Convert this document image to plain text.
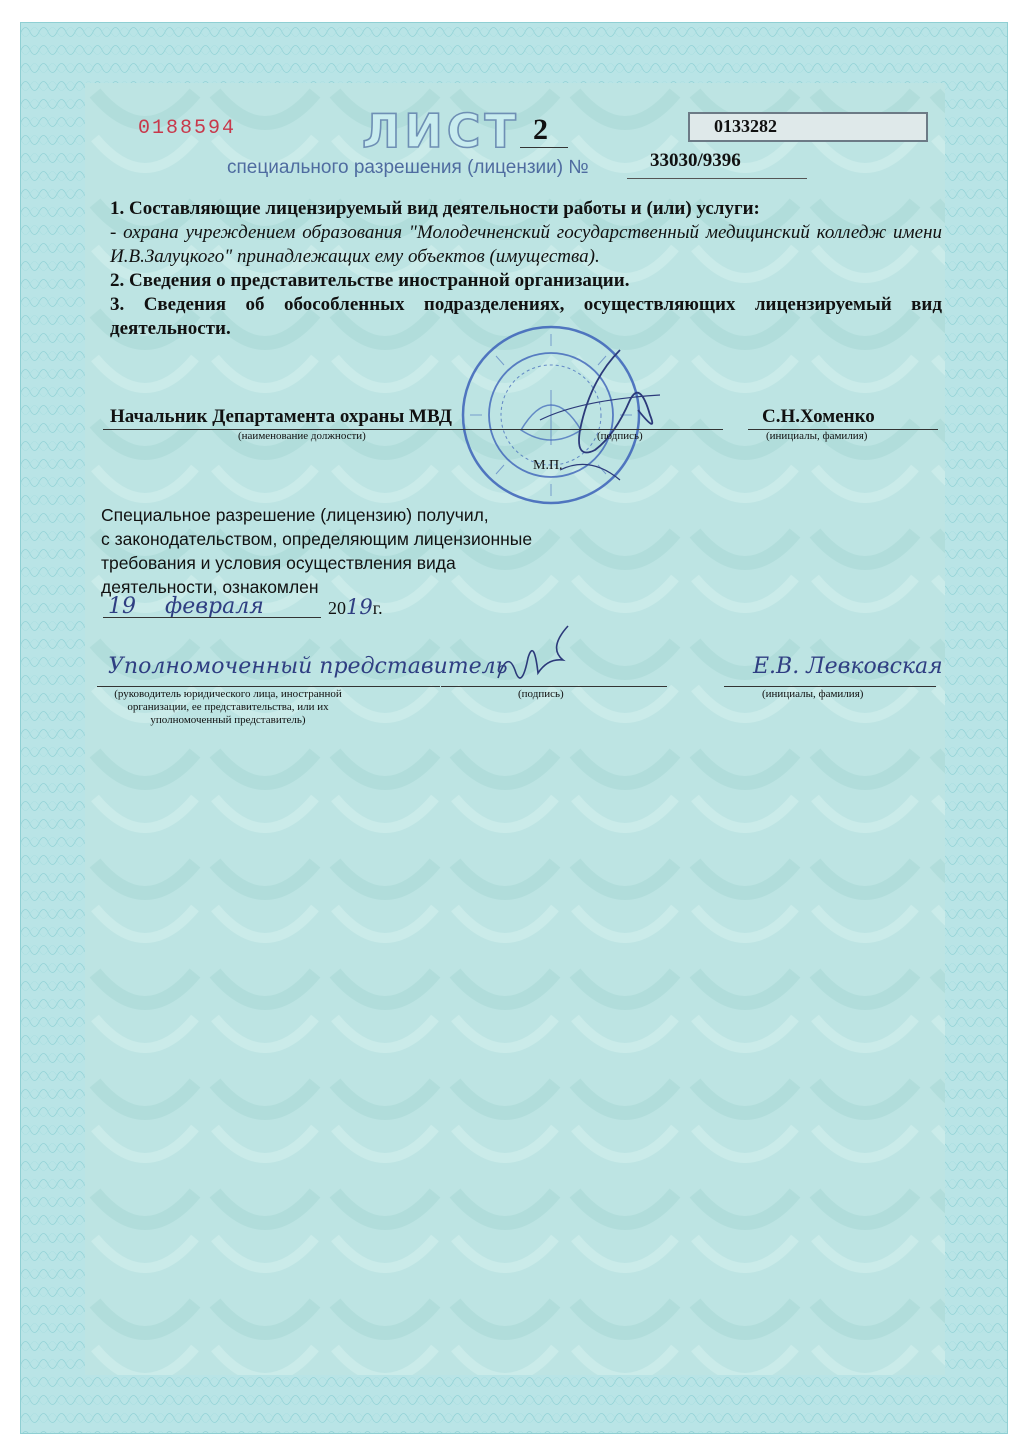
0188594	ЛИСТ 2	0133282
специального разрешения (лицензии) №	33030/9396

1. Составляющие лицензируемый вид деятельности работы и (или) услуги:

- охрана учреждением образования "Молодечненский государственный медицинский колледж имени И.В.Залуцкого" принадлежащих ему объектов (имущества).

2. Сведения о представительстве иностранной организации.

3. Сведения об обособленных подразделениях, осуществляющих лицензируемый вид деятельности.

Начальник Департамента охраны МВД	С.Н.Хоменко
(наименование должности)	(подпись)	(инициалы, фамилия)
М.П.
Специальное разрешение (лицензию) получил,
с законодательством, определяющим лицензионные
требования и условия осуществления вида
деятельности, ознакомлен
19 февраля	2019г.
Уполномоченный представитель	Е.В. Левковская
(руководитель юридического лица, иностранной организации, ее представительства, или их уполномоченный представитель)
(подпись)	(инициалы, фамилия)
